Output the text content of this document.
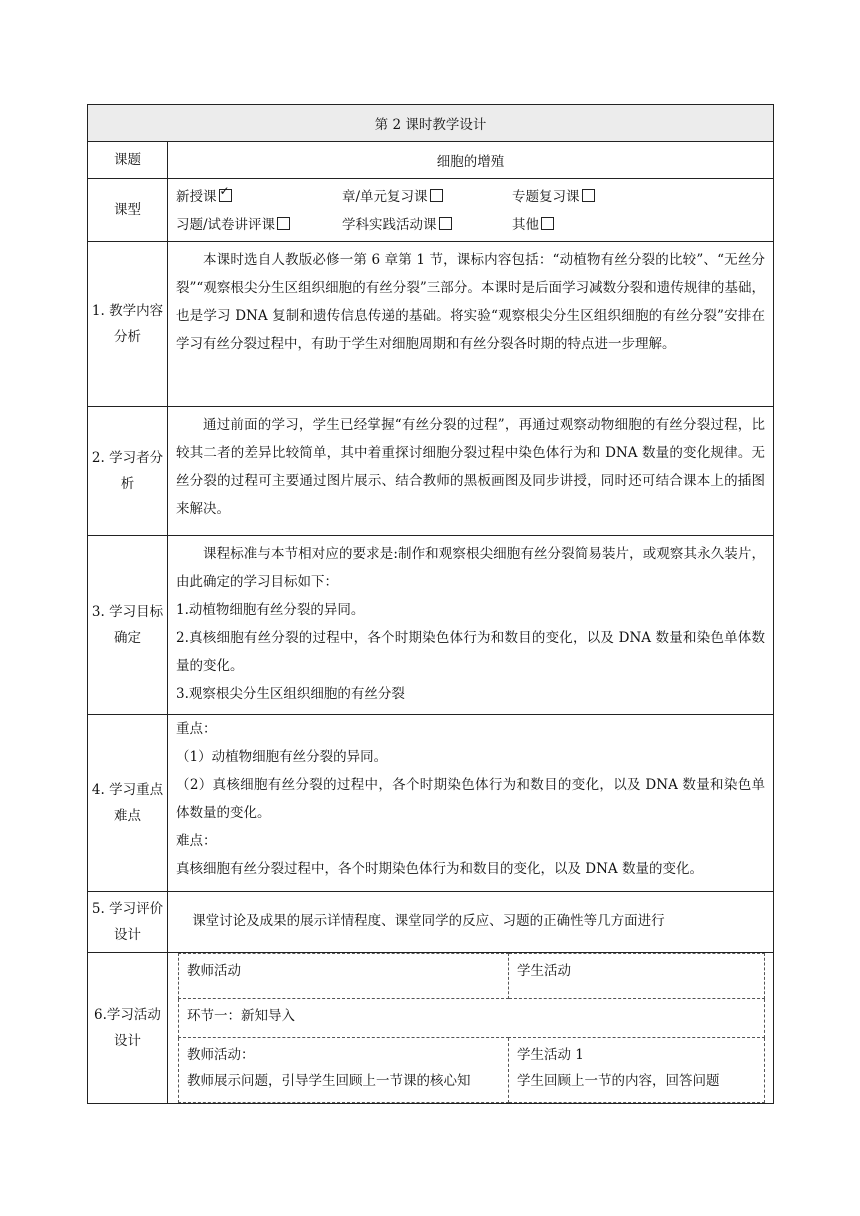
第 2 课时教学设计
课题	细胞的增殖
课型	
新授课✓	章/单元复习课	专题复习课
习题/试卷讲评课	学科实践活动课	其他

1. 教学内容分析	

本课时选自人教版必修一第 6 章第 1 节，课标内容包括：“动植物有丝分裂的比较”、“无丝分裂”“观察根尖分生区组织细胞的有丝分裂”三部分。本课时是后面学习减数分裂和遗传规律的基础，也是学习 DNA 复制和遗传信息传递的基础。将实验“观察根尖分生区组织细胞的有丝分裂”安排在学习有丝分裂过程中，有助于学生对细胞周期和有丝分裂各时期的特点进一步理解。

2. 学习者分析	

通过前面的学习，学生已经掌握“有丝分裂的过程”，再通过观察动物细胞的有丝分裂过程，比较其二者的差异比较简单，其中着重探讨细胞分裂过程中染色体行为和 DNA 数量的变化规律。无丝分裂的过程可主要通过图片展示、结合教师的黑板画图及同步讲授，同时还可结合课本上的插图来解决。

3. 学习目标确定	

课程标准与本节相对应的要求是:制作和观察根尖细胞有丝分裂简易装片，或观察其永久装片，由此确定的学习目标如下：

1.动植物细胞有丝分裂的异同。

2.真核细胞有丝分裂的过程中，各个时期染色体行为和数目的变化，以及 DNA 数量和染色单体数量的变化。

3.观察根尖分生区组织细胞的有丝分裂

4. 学习重点难点	

重点：

（1）动植物细胞有丝分裂的异同。

（2）真核细胞有丝分裂的过程中，各个时期染色体行为和数目的变化，以及 DNA 数量和染色单体数量的变化。

难点：

真核细胞有丝分裂过程中，各个时期染色体行为和数目的变化，以及 DNA 数量的变化。

5. 学习评价设计	

课堂讨论及成果的展示详情程度、课堂同学的反应、习题的正确性等几方面进行

6.学习活动设计	
教师活动	学生活动
环节一：新知导入

教师活动：

教师展示问题，引导学生回顾上一节课的核心知

学生活动 1

学生回顾上一节的内容，回答问题
